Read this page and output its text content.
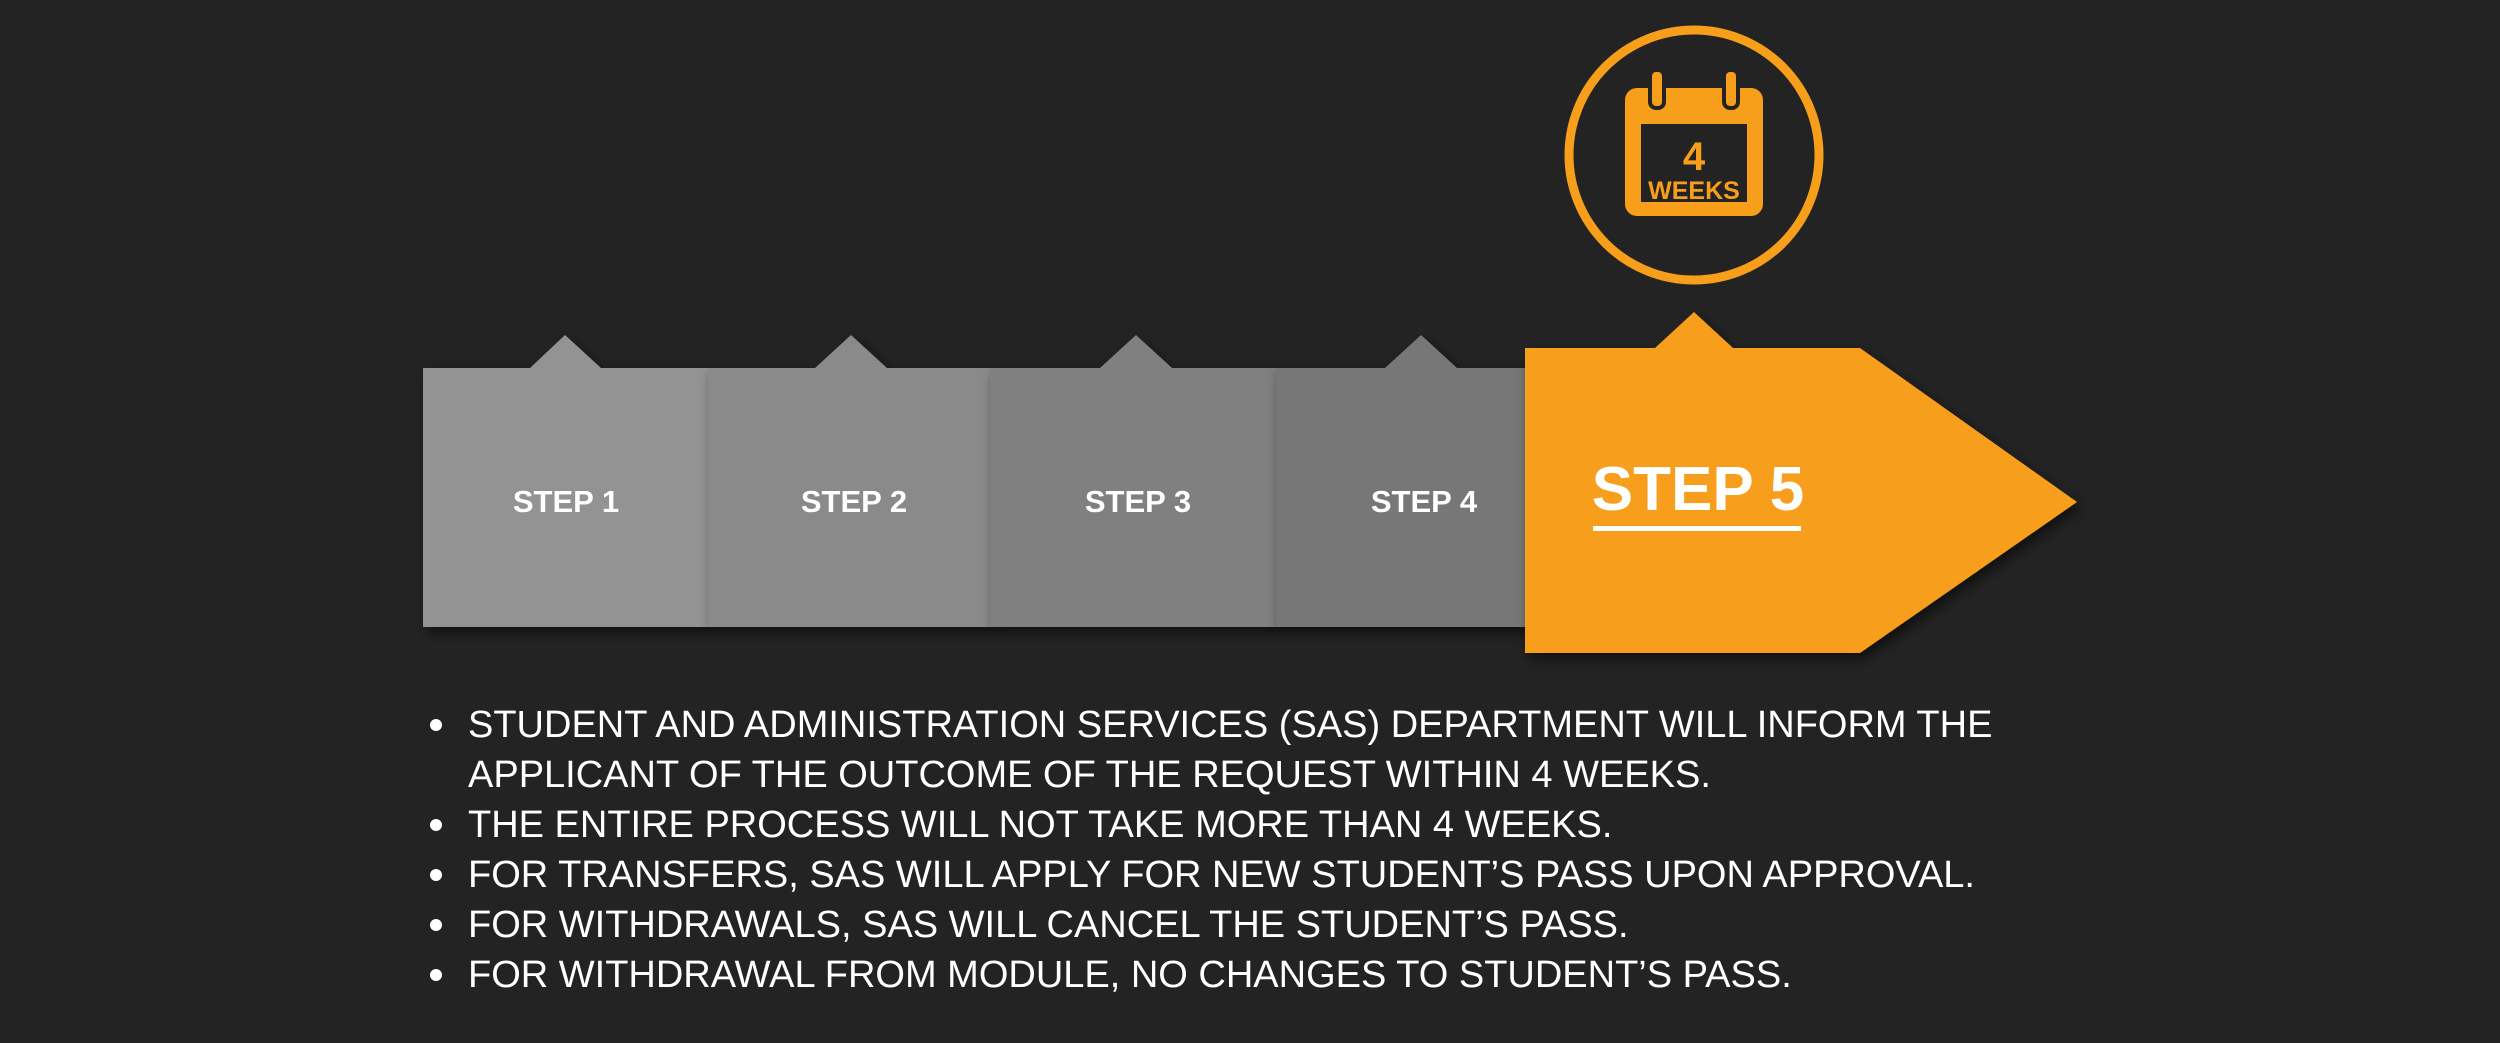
4
WEEKS
STEP 1	STEP 2	STEP 3	STEP 4 STEP 5
STUDENT AND ADMINISTRATION SERVICES (SAS) DEPARTMENT WILL INFORM THE APPLICANT OF THE OUTCOME OF THE REQUEST WITHIN 4 WEEKS.
THE ENTIRE PROCESS WILL NOT TAKE MORE THAN 4 WEEKS.
FOR TRANSFERS, SAS WILL APPLY FOR NEW STUDENT’S PASS UPON APPROVAL.
FOR WITHDRAWALS, SAS WILL CANCEL THE STUDENT’S PASS.
FOR WITHDRAWAL FROM MODULE, NO CHANGES TO STUDENT’S PASS.
